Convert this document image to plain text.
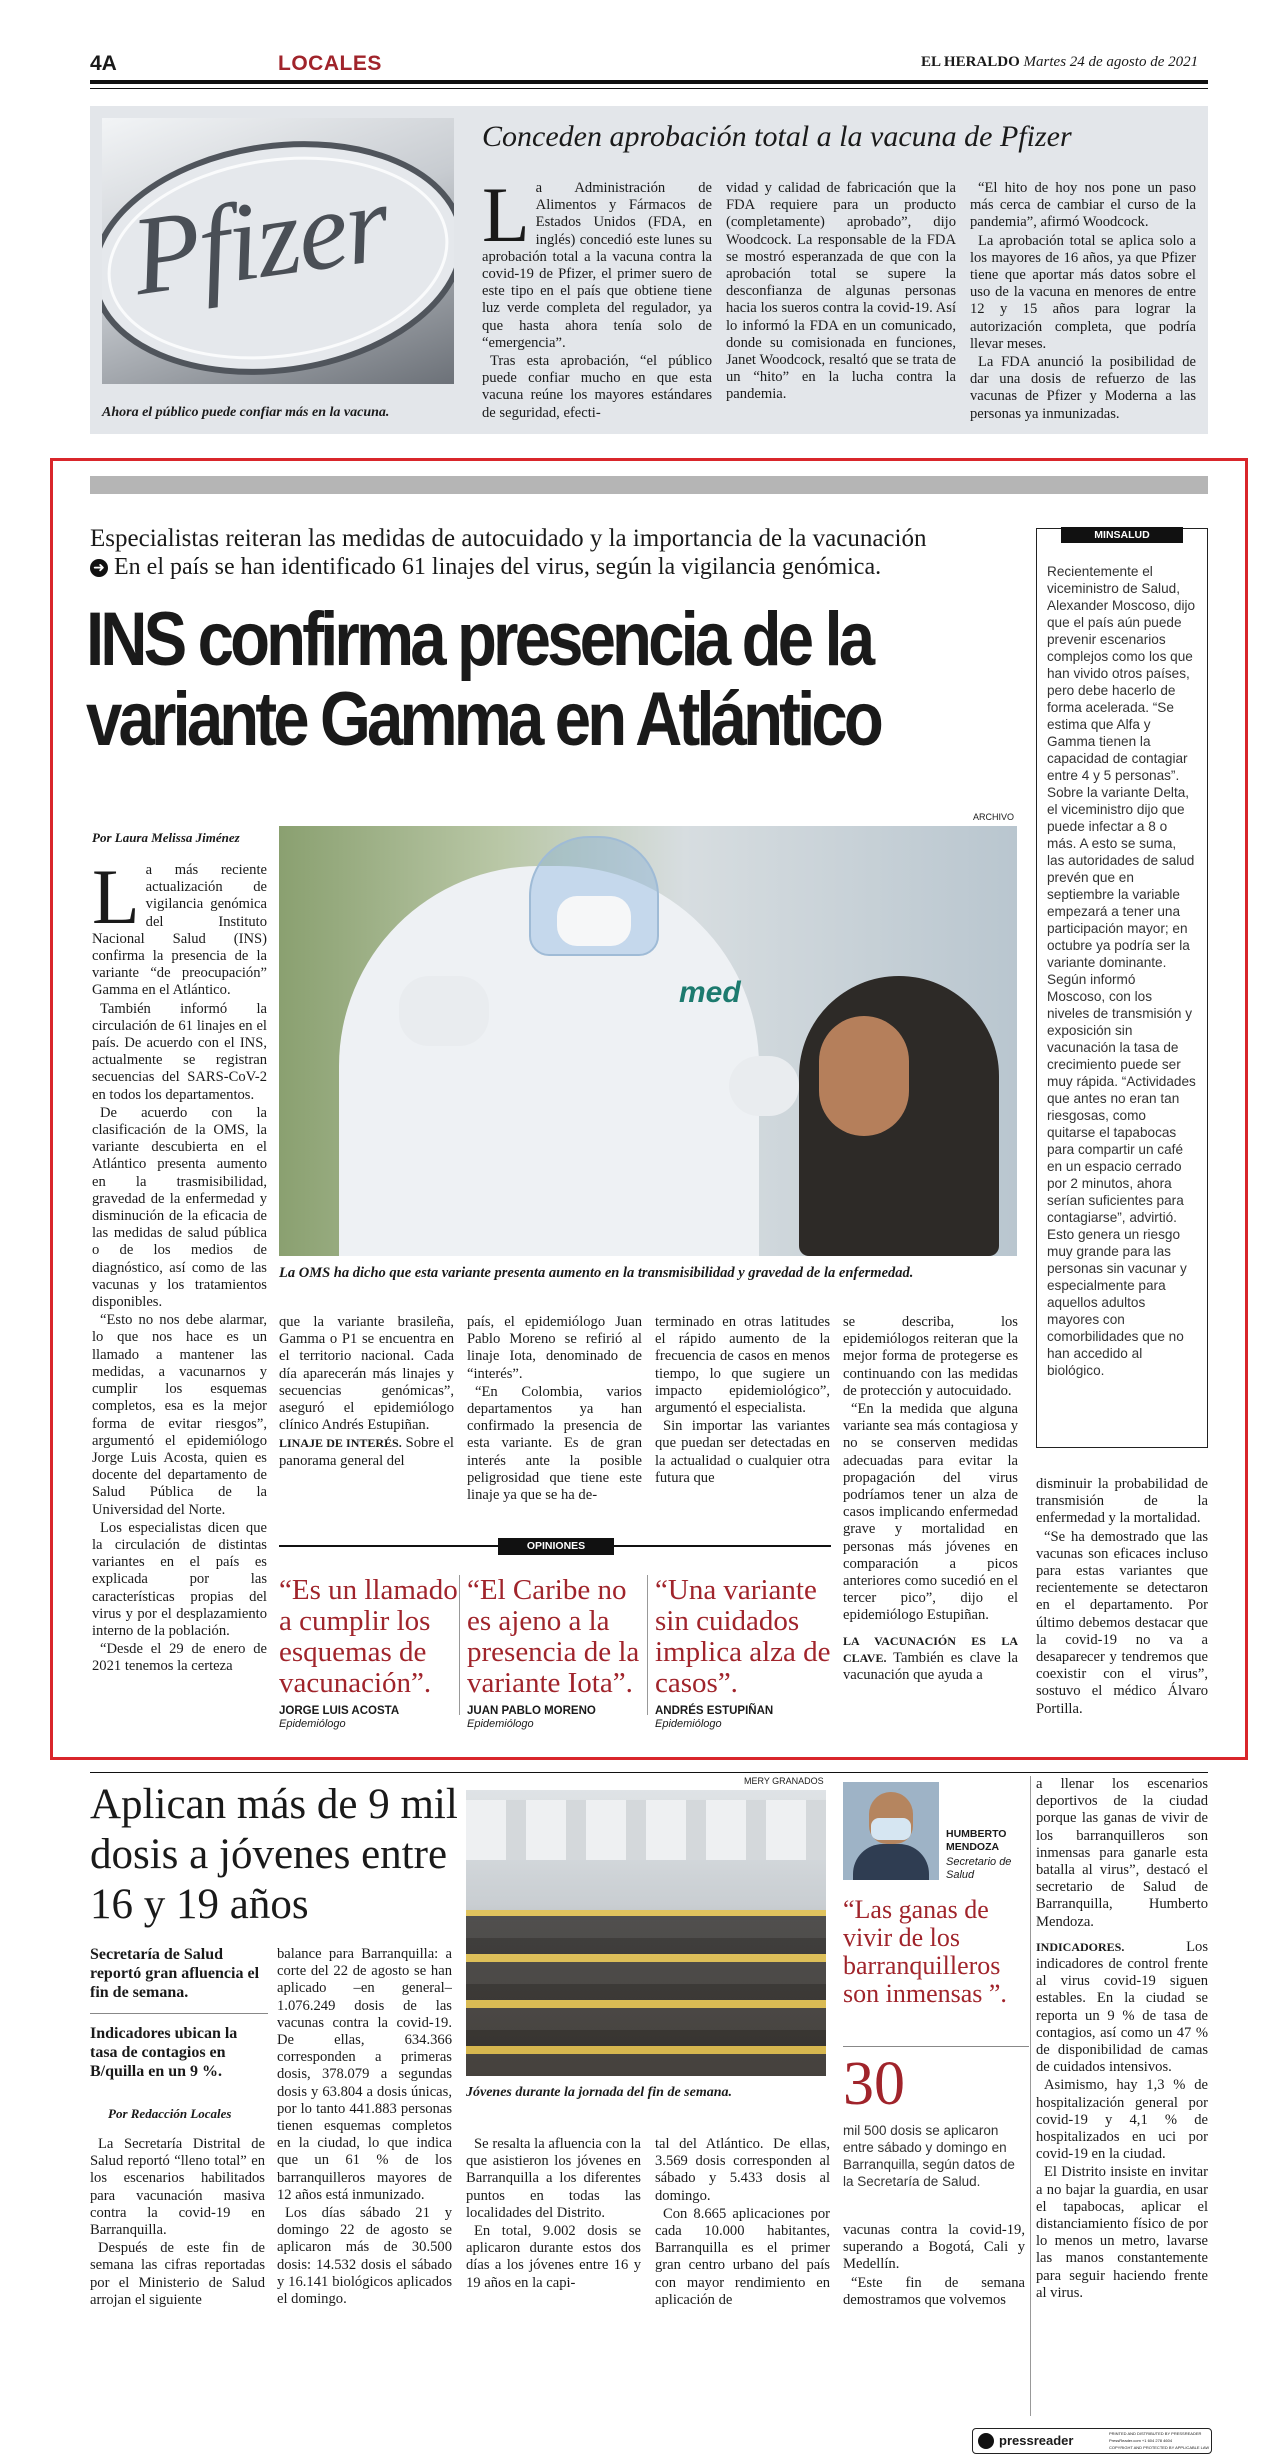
4A	LOCALES	EL HERALDO Martes 24 de agosto de 2021
Pfizer
Ahora el público puede confiar más en la vacuna.
Conceden aprobación total a la vacuna de Pfizer
L a Administración de Alimentos y Fármacos de Estados Unidos (FDA, en inglés) concedió este lunes su aprobación total a la vacuna contra la covid-19 de Pfizer, el primer suero de este tipo en el país que obtiene tiene luz verde completa del regulador, ya que hasta ahora tenía solo de “emergencia”.

Tras esta aprobación, “el público puede confiar mucho en que esta vacuna reúne los mayores estándares de seguridad, efecti-

vidad y calidad de fabricación que la FDA requiere para un producto (completamente) aprobado”, dijo Woodcock. La responsable de la FDA se mostró esperanzada de que con la aprobación total se supere la desconfianza de algunas personas hacia los sueros contra la covid-19. Así lo informó la FDA en un comunicado, donde su comisionada en funciones, Janet Woodcock, resaltó que se trata de un “hito” en la lucha contra la pandemia.

“El hito de hoy nos pone un paso más cerca de cambiar el curso de la pandemia”, afirmó Woodcock.

La aprobación total se aplica solo a los mayores de 16 años, ya que Pfizer tiene que aportar más datos sobre el uso de la vacuna en menores de entre 12 y 15 años para lograr la autorización completa, que podría llevar meses.

La FDA anunció la posibilidad de dar una dosis de refuerzo de las vacunas de Pfizer y Moderna a las personas ya inmunizadas.

Especialistas reiteran las medidas de autocuidado y la importancia de la vacunación
➜ En el país se han identificado 61 linajes del virus, según la vigilancia genómica.
INS confirma presencia de la
variante Gamma en Atlántico
ARCHIVO
Por Laura Melissa Jiménez
med
La OMS ha dicho que esta variante presenta aumento en la transmisibilidad y gravedad de la enfermedad.
L a más reciente actualización de vigilancia genómica del Instituto Nacional Salud (INS) confirma la presencia de la variante “de preocupación” Gamma en el Atlántico.

También informó la circulación de 61 linajes en el país. De acuerdo con el INS, actualmente se registran secuencias del SARS-CoV-2 en todos los departamentos.

De acuerdo con la clasificación de la OMS, la variante descubierta en el Atlántico presenta aumento en la trasmisibilidad, gravedad de la enfermedad y disminución de la eficacia de las medidas de salud pública o de los medios de diagnóstico, así como de las vacunas y los tratamientos disponibles.

“Esto no nos debe alarmar, lo que nos hace es un llamado a mantener las medidas, a vacunarnos y cumplir los esquemas completos, esa es la mejor forma de evitar riesgos”, argumentó el epidemiólogo Jorge Luis Acosta, quien es docente del departamento de Salud Pública de la Universidad del Norte.

Los especialistas dicen que la circulación de distintas variantes en el país es explicada por las características propias del virus y por el desplazamiento interno de la población.

“Desde el 29 de enero de 2021 tenemos la certeza

que la variante brasileña, Gamma o P1 se encuentra en el territorio nacional. Cada día aparecerán más linajes y secuencias genómicas”, aseguró el epidemiólogo clínico Andrés Estupiñan.

LINAJE DE INTERÉS. Sobre el panorama general del

país, el epidemiólogo Juan Pablo Moreno se refirió al linaje Iota, denominado de “interés”.

“En Colombia, varios departamentos ya han confirmado la presencia de esta variante. Es de gran interés ante la posible peligrosidad que tiene este linaje ya que se ha de-

terminado en otras latitudes el rápido aumento de la frecuencia de casos en menos tiempo, lo que sugiere un impacto epidemiológico”, argumentó el especialista.

Sin importar las variantes que puedan ser detectadas en la actualidad o cualquier otra futura que

se describa, los epidemiólogos reiteran que la mejor forma de protegerse es continuando con las medidas de protección y autocuidado.

“En la medida que alguna variante sea más contagiosa y no se conserven medidas adecuadas para evitar la propagación del virus podríamos tener un alza de casos implicando enfermedad grave y mortalidad en personas más jóvenes en comparación a picos anteriores como sucedió en el tercer pico”, dijo el epidemiólogo Estupiñan.

LA VACUNACIÓN ES LA CLAVE. También es clave la vacunación que ayuda a

OPINIONES
“Es un llamado a cumplir los esquemas de vacunación”.
JORGE LUIS ACOSTA
Epidemiólogo
“El Caribe no es ajeno a la presencia de la variante Iota”.
JUAN PABLO MORENO
Epidemiólogo
“Una variante sin cuidados implica alza de casos”.
ANDRÉS ESTUPIÑAN
Epidemiólogo

disminuir la probabilidad de transmisión de la enfermedad y la mortalidad.

“Se ha demostrado que las vacunas son eficaces incluso para estas variantes que recientemente se detectaron en el departamento. Por último debemos destacar que la covid-19 no va a desaparecer y tendremos que coexistir con el virus”, sostuvo el médico Álvaro Portilla.

MINSALUD

Recientemente el viceministro de Salud, Alexander Moscoso, dijo que el país aún puede prevenir escenarios complejos como los que han vivido otros países, pero debe hacerlo de forma acelerada. “Se estima que Alfa y Gamma tienen la capacidad de contagiar entre 4 y 5 personas”. Sobre la variante Delta, el viceministro dijo que puede infectar a 8 o más. A esto se suma, las autoridades de salud prevén que en septiembre la variable empezará a tener una participación mayor; en octubre ya podría ser la variante dominante. Según informó Moscoso, con los niveles de transmisión y exposición sin vacunación la tasa de crecimiento puede ser muy rápida. “Actividades que antes no eran tan riesgosas, como quitarse el tapabocas para compartir un café en un espacio cerrado por 2 minutos, ahora serían suficientes para contagiarse”, advirtió. Esto genera un riesgo muy grande para las personas sin vacunar y especialmente para aquellos adultos mayores con comorbilidades que no han accedido al biológico.

Aplican más de 9 mil dosis a jóvenes entre 16 y 19 años
Secretaría de Salud reportó gran afluencia el fin de semana.
Indicadores ubican la tasa de contagios en B/quilla en un 9 %.
Por Redacción Locales

La Secretaría Distrital de Salud reportó “lleno total” en los escenarios habilitados para vacunación masiva contra la covid-19 en Barranquilla.

Después de este fin de semana las cifras reportadas por el Ministerio de Salud arrojan el siguiente

balance para Barranquilla: a corte del 22 de agosto se han aplicado –en general– 1.076.249 dosis de las vacunas contra la covid-19. De ellas, 634.366 corresponden a primeras dosis, 378.079 a segundas dosis y 63.804 a dosis únicas, por lo tanto 441.883 personas tienen esquemas completos en la ciudad, lo que indica que un 61 % de los barranquilleros mayores de 12 años está inmunizado.

Los días sábado 21 y domingo 22 de agosto se aplicaron más de 30.500 dosis: 14.532 dosis el sábado y 16.141 biológicos aplicados el domingo.

MERY GRANADOS
Jóvenes durante la jornada del fin de semana.

Se resalta la afluencia con la que asistieron los jóvenes en Barranquilla a los diferentes puntos en todas las localidades del Distrito.

En total, 9.002 dosis se aplicaron durante estos dos días a los jóvenes entre 16 y 19 años en la capi-

tal del Atlántico. De ellas, 3.569 dosis corresponden al sábado y 5.433 dosis al domingo.

Con 8.665 aplicaciones por cada 10.000 habitantes, Barranquilla es el primer gran centro urbano del país con mayor rendimiento en aplicación de

HUMBERTO MENDOZA
Secretario de Salud
“Las ganas de vivir de los barranquilleros son inmensas ”.
30
mil 500 dosis se aplicaron entre sábado y domingo en Barranquilla, según datos de la Secretaría de Salud.

vacunas contra la covid-19, superando a Bogotá, Cali y Medellín.

“Este fin de semana demostramos que volvemos

a llenar los escenarios deportivos de la ciudad porque las ganas de vivir de los barranquilleros son inmensas para ganarle esta batalla al virus”, destacó el secretario de Salud de Barranquilla, Humberto Mendoza.

INDICADORES.	Los indicadores de control frente al virus covid-19 siguen estables. En la ciudad se reporta un 9 % de tasa de contagios, así como un 47 % de disponibilidad de camas de cuidados intensivos.

Asimismo, hay 1,3 % de hospitalización general por covid-19 y 4,1 % de hospitalizados en uci por covid-19 en la ciudad.

El Distrito insiste en invitar a no bajar la guardia, en usar el tapabocas, aplicar el distanciamiento físico de por lo menos un metro, lavarse las manos constantemente para seguir haciendo frente al virus.

pressreader	PRINTED AND DISTRIBUTED BY PRESSREADER
PressReader.com +1 604 278 4604
COPYRIGHT AND PROTECTED BY APPLICABLE LAW
